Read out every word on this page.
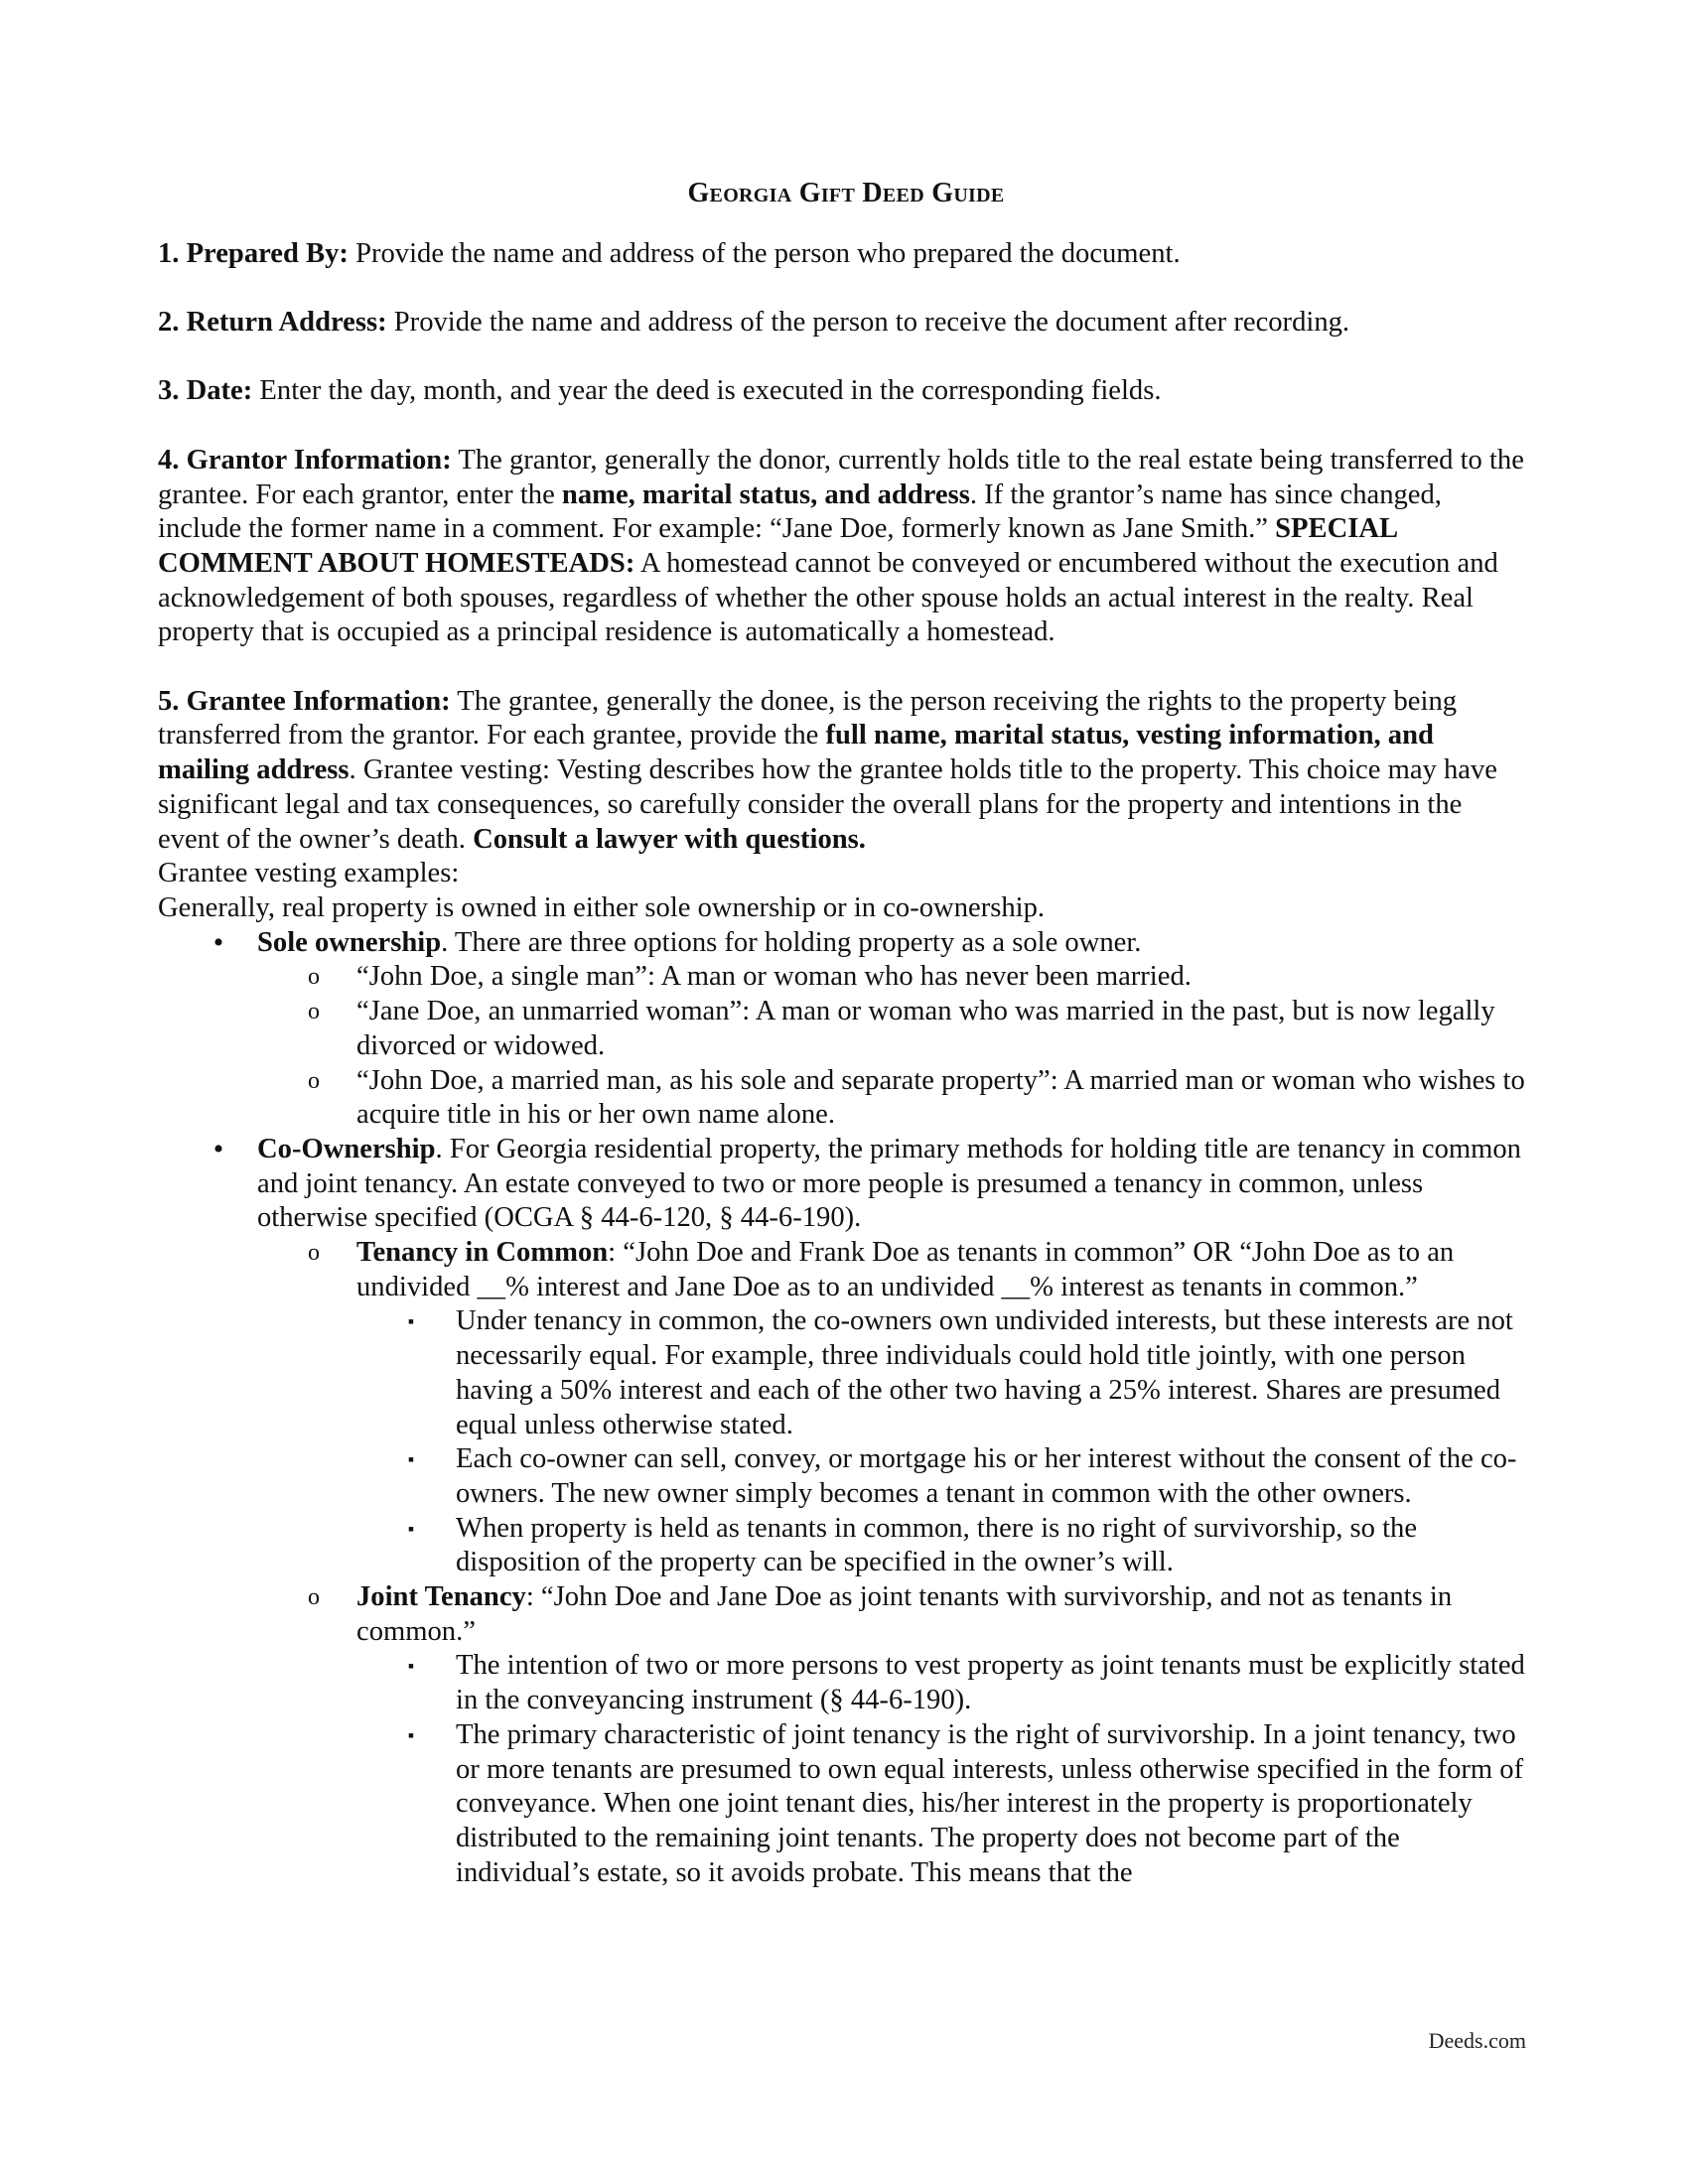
Georgia Gift Deed Guide

1. Prepared By: Provide the name and address of the person who prepared the document.

2. Return Address: Provide the name and address of the person to receive the document after recording.

3. Date: Enter the day, month, and year the deed is executed in the corresponding fields.

4. Grantor Information: The grantor, generally the donor, currently holds title to the real estate being transferred to the grantee. For each grantor, enter the name, marital status, and address. If the grantor’s name has since changed, include the former name in a comment. For example: “Jane Doe, formerly known as Jane Smith.” SPECIAL COMMENT ABOUT HOMESTEADS: A homestead cannot be conveyed or encumbered without the execution and acknowledgement of both spouses, regardless of whether the other spouse holds an actual interest in the realty. Real property that is occupied as a principal residence is automatically a homestead.

5. Grantee Information: The grantee, generally the donee, is the person receiving the rights to the property being transferred from the grantor. For each grantee, provide the full name, marital status, vesting information, and mailing address. Grantee vesting: Vesting describes how the grantee holds title to the property. This choice may have significant legal and tax consequences, so carefully consider the overall plans for the property and intentions in the event of the owner’s death. Consult a lawyer with questions.

Grantee vesting examples:

Generally, real property is owned in either sole ownership or in co-ownership.

•	Sole ownership. There are three options for holding property as a sole owner.
o	“John Doe, a single man”: A man or woman who has never been married.
o	“Jane Doe, an unmarried woman”: A man or woman who was married in the past, but is now legally divorced or widowed.
o	“John Doe, a married man, as his sole and separate property”: A married man or woman who wishes to acquire title in his or her own name alone.
•	Co-Ownership. For Georgia residential property, the primary methods for holding title are tenancy in common and joint tenancy. An estate conveyed to two or more people is presumed a tenancy in common, unless otherwise specified (OCGA § 44-6-120, § 44-6-190).
o	Tenancy in Common: “John Doe and Frank Doe as tenants in common” OR “John Doe as to an undivided __% interest and Jane Doe as to an undivided __% interest as tenants in common.”
▪	Under tenancy in common, the co-owners own undivided interests, but these interests are not necessarily equal. For example, three individuals could hold title jointly, with one person having a 50% interest and each of the other two having a 25% interest. Shares are presumed equal unless otherwise stated.
▪	Each co-owner can sell, convey, or mortgage his or her interest without the consent of the co-owners. The new owner simply becomes a tenant in common with the other owners.
▪	When property is held as tenants in common, there is no right of survivorship, so the disposition of the property can be specified in the owner’s will.
o	Joint Tenancy: “John Doe and Jane Doe as joint tenants with survivorship, and not as tenants in common.”
▪	The intention of two or more persons to vest property as joint tenants must be explicitly stated in the conveyancing instrument (§ 44-6-190).
▪	The primary characteristic of joint tenancy is the right of survivorship. In a joint tenancy, two or more tenants are presumed to own equal interests, unless otherwise specified in the form of conveyance. When one joint tenant dies, his/her interest in the property is proportionately distributed to the remaining joint tenants. The property does not become part of the individual’s estate, so it avoids probate. This means that the
Deeds.com
